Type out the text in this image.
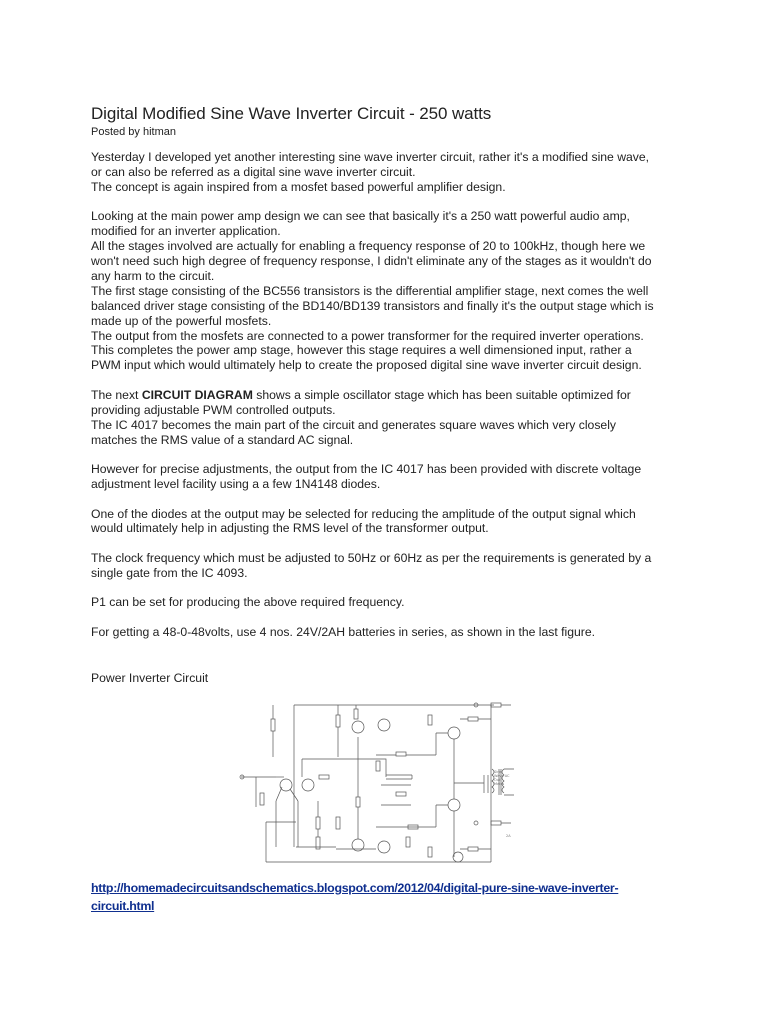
Digital Modified Sine Wave Inverter Circuit - 250 watts
Posted by hitman

Yesterday I developed yet another interesting sine wave inverter circuit, rather it's a modified sine wave,

or can also be referred as a digital sine wave inverter circuit.

The concept is again inspired from a mosfet based powerful amplifier design.

Looking at the main power amp design we can see that basically it's a 250 watt powerful audio amp,

modified for an inverter application.

All the stages involved are actually for enabling a frequency response of 20 to 100kHz, though here we

won't need such high degree of frequency response, I didn't eliminate any of the stages as it wouldn't do

any harm to the circuit.

The first stage consisting of the BC556 transistors is the differential amplifier stage, next comes the well

balanced driver stage consisting of the BD140/BD139 transistors and finally it's the output stage which is

made up of the powerful mosfets.

The output from the mosfets are connected to a power transformer for the required inverter operations.

This completes the power amp stage, however this stage requires a well dimensioned input, rather a

PWM input which would ultimately help to create the proposed digital sine wave inverter circuit design.

The next CIRCUIT DIAGRAM shows a simple oscillator stage which has been suitable optimized for

providing adjustable PWM controlled outputs.

The IC 4017 becomes the main part of the circuit and generates square waves which very closely

matches the RMS value of a standard AC signal.

However for precise adjustments, the output from the IC 4017 has been provided with discrete voltage

adjustment level facility using a a few 1N4148 diodes.

One of the diodes at the output may be selected for reducing the amplitude of the output signal which

would ultimately help in adjusting the RMS level of the transformer output.

The clock frequency which must be adjusted to 50Hz or 60Hz as per the requirements is generated by a

single gate from the IC 4093.

P1 can be set for producing the above required frequency.

For getting a 48-0-48volts, use 4 nos. 24V/2AH batteries in series, as shown in the last figure.

Power Inverter Circuit

Sine
Wave AC
Out
Mains
2A
http://homemadecircuitsandschematics.blogspot.com/2012/04/digital-pure-sine-wave-inverter-
circuit.html
